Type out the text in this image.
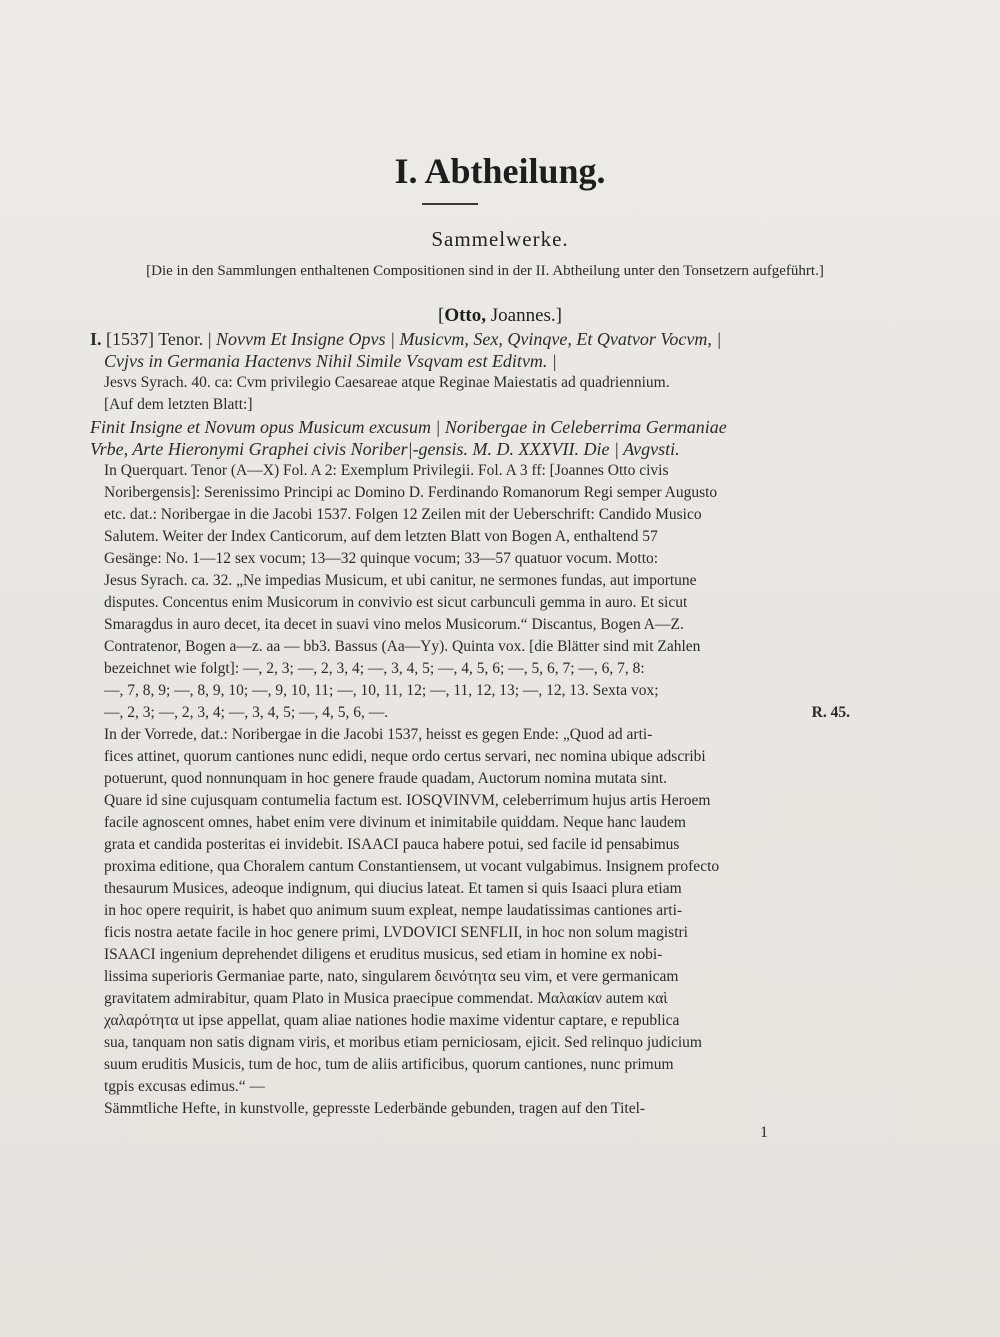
I. Abtheilung.
Sammelwerke.
[Die in den Sammlungen enthaltenen Compositionen sind in der II. Abtheilung unter den Tonsetzern aufgeführt.]
[Otto, Joannes.]
I. [1537] Tenor. | Novvm Et Insigne Opvs | Musicvm, Sex, Qvinqve, Et Qvatvor Vocvm, |
Cvjvs in Germania Hactenvs Nihil Simile Vsqvam est Editvm. |
Jesvs Syrach. 40. ca: Cvm privilegio Caesareae atque Reginae Maiestatis ad quadriennium.
[Auf dem letzten Blatt:]
Finit Insigne et Novum opus Musicum excusum | Noribergae in Celeberrima Germaniae
Vrbe, Arte Hieronymi Graphei civis Noriber|-gensis. M. D. XXXVII. Die | Avgvsti.
In Querquart. Tenor (A—X) Fol. A 2: Exemplum Privilegii. Fol. A 3 ff: [Joannes Otto civis
Noribergensis]: Serenissimo Principi ac Domino D. Ferdinando Romanorum Regi semper Augusto
etc. dat.: Noribergae in die Jacobi 1537. Folgen 12 Zeilen mit der Ueberschrift: Candido Musico
Salutem. Weiter der Index Canticorum, auf dem letzten Blatt von Bogen A, enthaltend 57
Gesänge: No. 1—12 sex vocum; 13—32 quinque vocum; 33—57 quatuor vocum. Motto:
Jesus Syrach. ca. 32. „Ne impedias Musicum, et ubi canitur, ne sermones fundas, aut importune
disputes. Concentus enim Musicorum in convivio est sicut carbunculi gemma in auro. Et sicut
Smaragdus in auro decet, ita decet in suavi vino melos Musicorum.“ Discantus, Bogen A—Z.
Contratenor, Bogen a—z. aa — bb3. Bassus (Aa—Yy). Quinta vox. [die Blätter sind mit Zahlen
bezeichnet wie folgt]: —, 2, 3; —, 2, 3, 4; —, 3, 4, 5; —, 4, 5, 6; —, 5, 6, 7; —, 6, 7, 8:
—, 7, 8, 9; —, 8, 9, 10; —, 9, 10, 11; —, 10, 11, 12; —, 11, 12, 13; —, 12, 13. Sexta vox;
—, 2, 3; —, 2, 3, 4; —, 3, 4, 5; —, 4, 5, 6, —.	R. 45.
In der Vorrede, dat.: Noribergae in die Jacobi 1537, heisst es gegen Ende: „Quod ad arti-
fices attinet, quorum cantiones nunc edidi, neque ordo certus servari, nec nomina ubique adscribi
potuerunt, quod nonnunquam in hoc genere fraude quadam, Auctorum nomina mutata sint.
Quare id sine cujusquam contumelia factum est. IOSQVINVM, celeberrimum hujus artis Heroem
facile agnoscent omnes, habet enim vere divinum et inimitabile quiddam. Neque hanc laudem
grata et candida posteritas ei invidebit. ISAACI pauca habere potui, sed facile id pensabimus
proxima editione, qua Choralem cantum Constantiensem, ut vocant vulgabimus. Insignem profecto
thesaurum Musices, adeoque indignum, qui diucius lateat. Et tamen si quis Isaaci plura etiam
in hoc opere requirit, is habet quo animum suum expleat, nempe laudatissimas cantiones arti-
ficis nostra aetate facile in hoc genere primi, LVDOVICI SENFLII, in hoc non solum magistri
ISAACI ingenium deprehendet diligens et eruditus musicus, sed etiam in homine ex nobi-
lissima superioris Germaniae parte, nato, singularem δεινότητα seu vim, et vere germanicam
gravitatem admirabitur, quam Plato in Musica praecipue commendat. Μαλακίαν autem καὶ
χαλαρότητα ut ipse appellat, quam aliae nationes hodie maxime videntur captare, e republica
sua, tanquam non satis dignam viris, et moribus etiam perniciosam, ejicit. Sed relinquo judicium
suum eruditis Musicis, tum de hoc, tum de aliis artificibus, quorum cantiones, nunc primum
tgpis excusas edimus.“ —
Sämmtliche Hefte, in kunstvolle, gepresste Lederbände gebunden, tragen auf den Titel-
1
